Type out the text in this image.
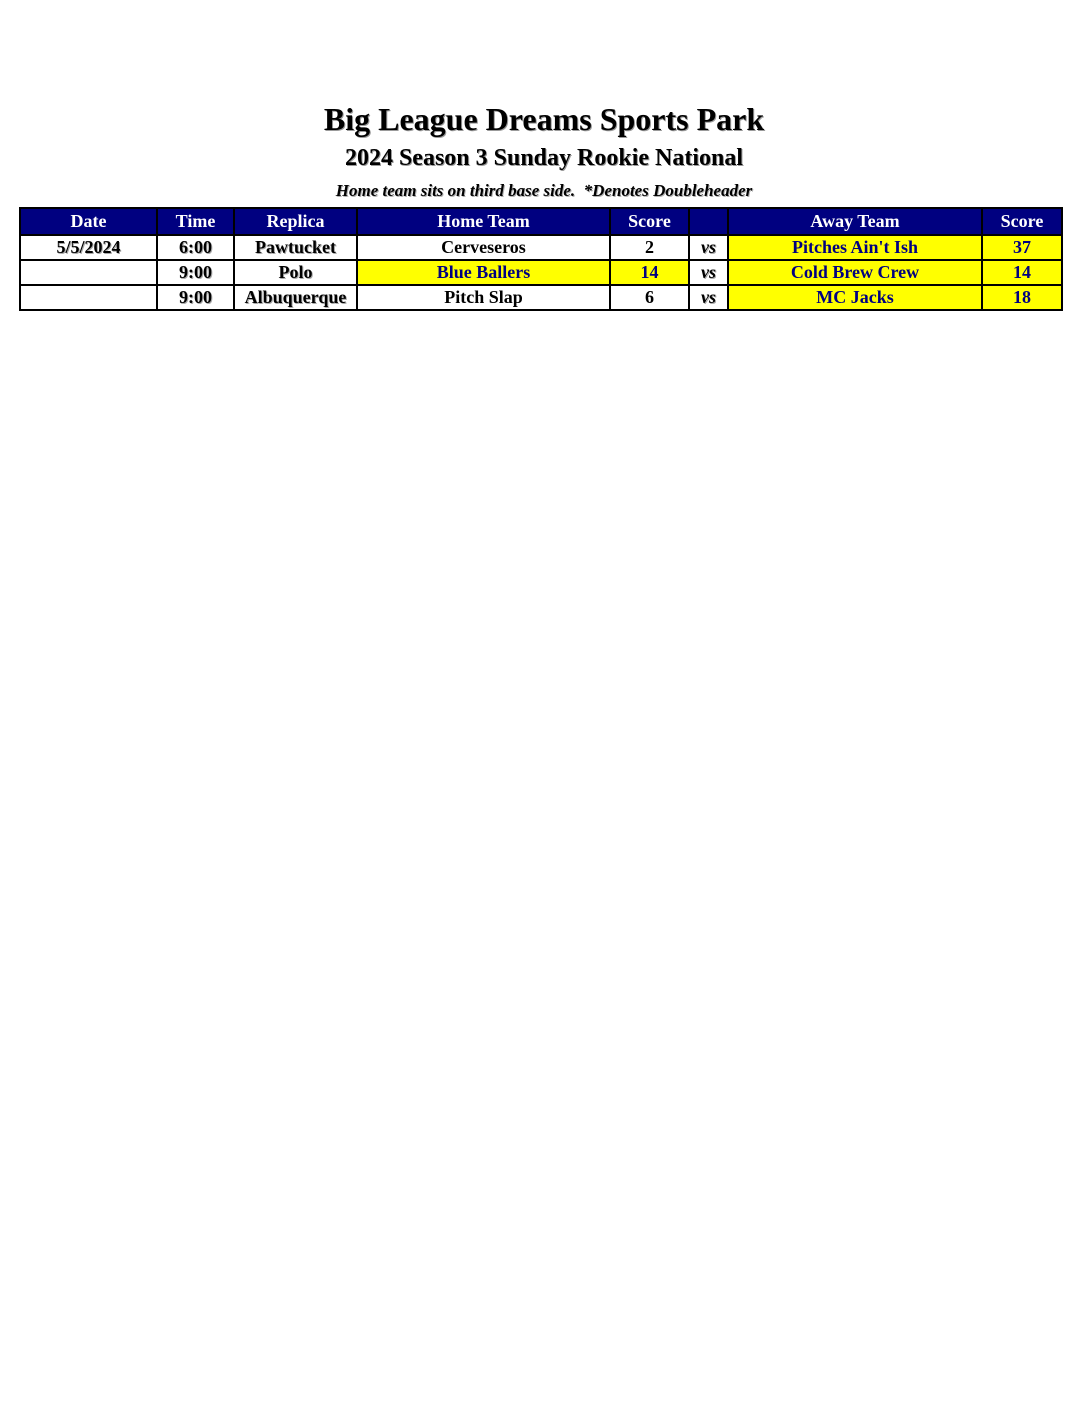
Big League Dreams Sports Park
2024 Season 3 Sunday Rookie National
Home team sits on third base side.  *Denotes Doubleheader
Date	Time	Replica	Home Team	Score		Away Team	Score
5/5/2024	6:00	Pawtucket	Cerveseros	2	vs	Pitches Ain't Ish	37
	9:00	Polo	Blue Ballers	14	vs	Cold Brew Crew	14
	9:00	Albuquerque	Pitch Slap	6	vs	MC Jacks	18
